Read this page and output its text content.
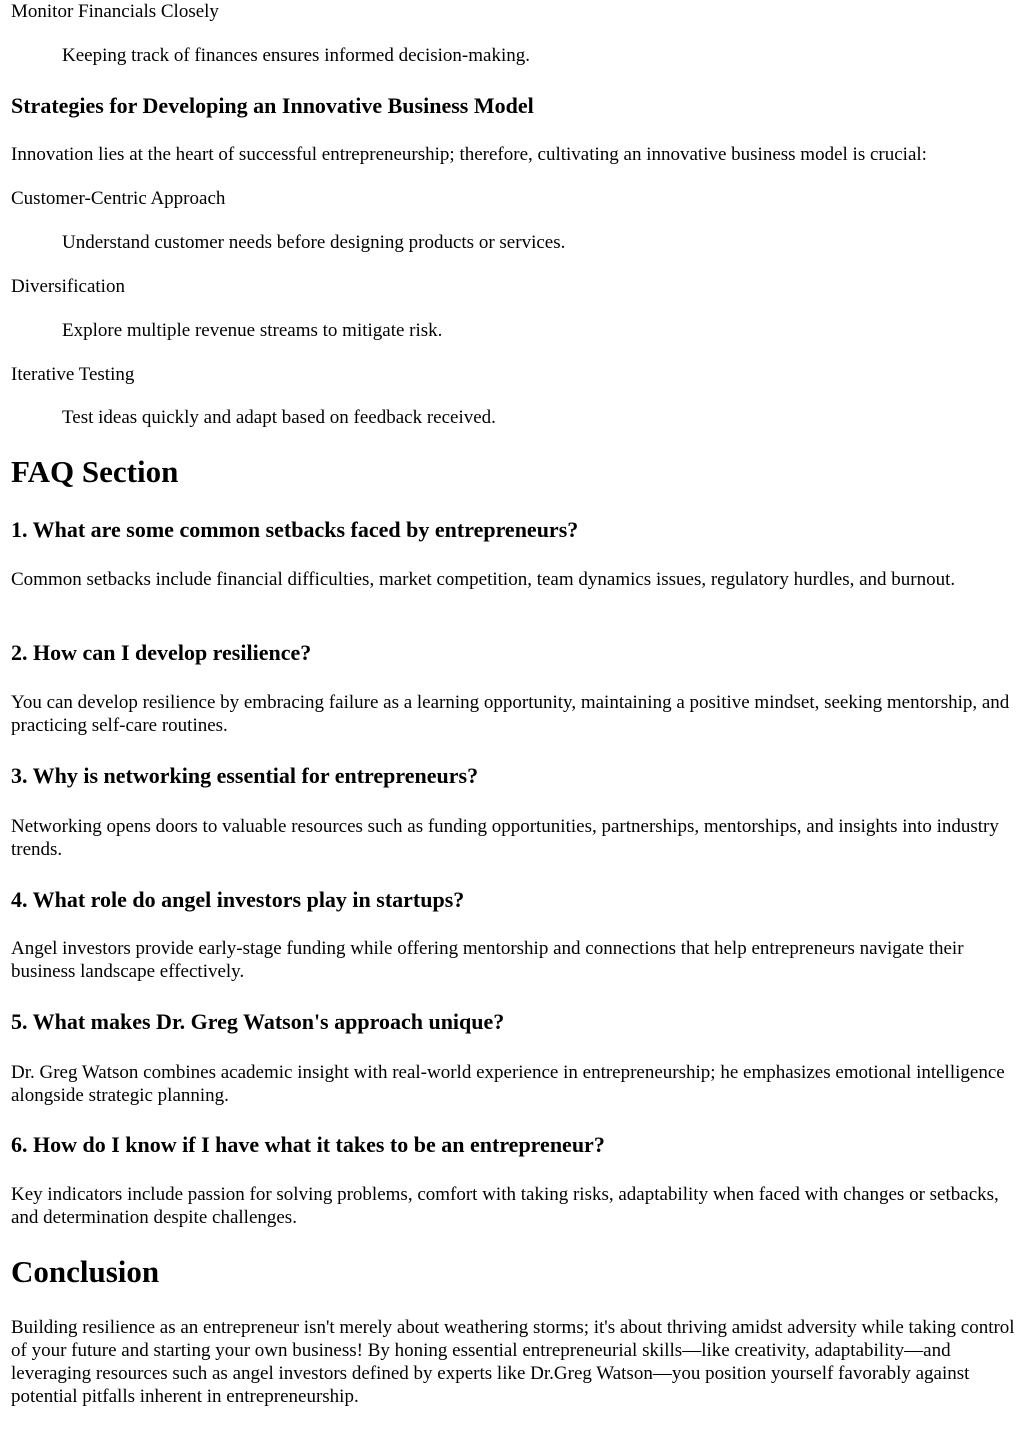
Monitor Financials Closely
Keeping track of finances ensures informed decision-making.
Strategies for Developing an Innovative Business Model

Innovation lies at the heart of successful entrepreneurship; therefore, cultivating an innovative business model is crucial:

Customer-Centric Approach
Understand customer needs before designing products or services.
Diversification
Explore multiple revenue streams to mitigate risk.
Iterative Testing
Test ideas quickly and adapt based on feedback received.
FAQ Section
1. What are some common setbacks faced by entrepreneurs?

Common setbacks include financial difficulties, market competition, team dynamics issues, regulatory hurdles, and burnout.

2. How can I develop resilience?

You can develop resilience by embracing failure as a learning opportunity, maintaining a positive mindset, seeking mentorship, and practicing self-care routines.

3. Why is networking essential for entrepreneurs?

Networking opens doors to valuable resources such as funding opportunities, partnerships, mentorships, and insights into industry trends.

4. What role do angel investors play in startups?

Angel investors provide early-stage funding while offering mentorship and connections that help entrepreneurs navigate their business landscape effectively.

5. What makes Dr. Greg Watson's approach unique?

Dr. Greg Watson combines academic insight with real-world experience in entrepreneurship; he emphasizes emotional intelligence alongside strategic planning.

6. How do I know if I have what it takes to be an entrepreneur?

Key indicators include passion for solving problems, comfort with taking risks, adaptability when faced with changes or setbacks, and determination despite challenges.

Conclusion

Building resilience as an entrepreneur isn't merely about weathering storms; it's about thriving amidst adversity while taking control of your future and starting your own business! By honing essential entrepreneurial skills—like creativity, adaptability—and leveraging resources such as angel investors defined by experts like Dr.Greg Watson—you position yourself favorably against potential pitfalls inherent in entrepreneurship.
